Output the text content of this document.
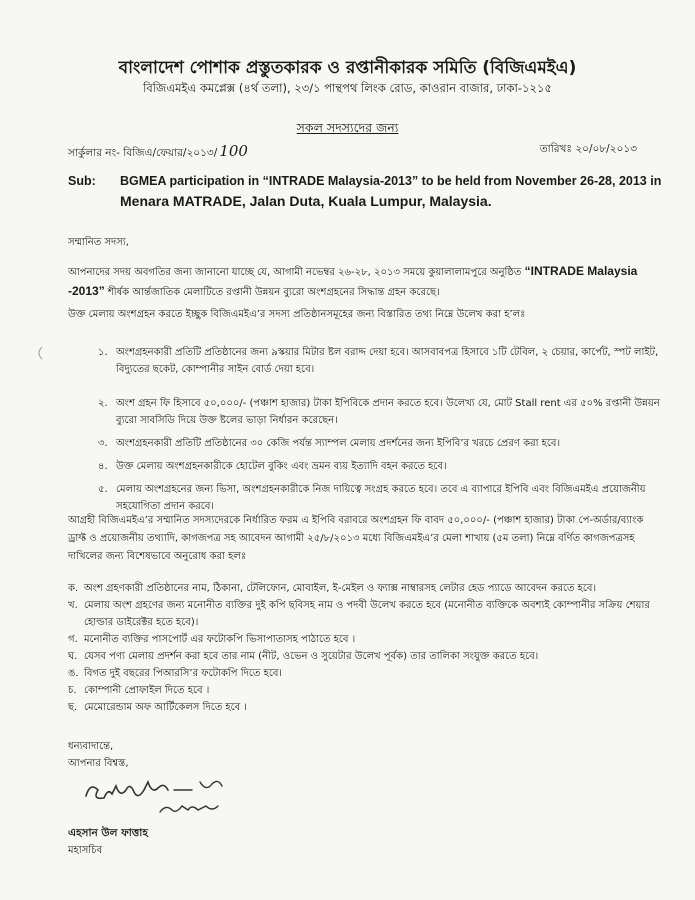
বাংলাদেশ পোশাক প্রস্তুতকারক ও রপ্তানীকারক সমিতি (বিজিএমইএ)
বিজিএমইএ কমপ্লেক্স (৪র্থ তলা), ২৩/১ পান্থপথ লিংক রোড, কাওরান বাজার, ঢাকা-১২১৫
সকল সদস্যদের জন্য
সার্কুলার নং- বিজিএ/ফেয়ার/২০১৩/ 100	তারিখঃ ২০/০৮/২০১৩
Sub: BGMEA participation in “INTRADE Malaysia-2013” to be held from November 26-28, 2013 in
Menara MATRADE, Jalan Duta, Kuala Lumpur, Malaysia.
সম্মানিত সদস্য,
আপনাদের সদয় অবগতির জন্য জানানো যাচ্ছে যে, আগামী নভেম্বর ২৬-২৮, ২০১৩ সময়ে কুয়ালালামপুরে অনুষ্ঠিত “INTRADE Malaysia -2013” শীর্ষক আর্ন্তজাতিক মেলাটিতে রপ্তানী উন্নয়ন ব্যুরো অংশগ্রহনের সিদ্ধান্ত গ্রহন করেছে।
উক্ত মেলায় অংশগ্রহন করতে ইচ্ছুক বিজিএমইএ’র সদস্য প্রতিষ্ঠানসমূহের জন্য বিস্তারিত তথ্য নিম্নে উলেখ করা হ’লঃ
১. অংশগ্রহনকারী প্রতিটি প্রতিষ্ঠানের জন্য ৯স্কয়ার মিটার ষ্টল বরাদ্দ দেয়া হবে। আসবাবপত্র হিসাবে ১টি টেবিল, ২ চেয়ার, কার্পেট, স্পট লাইট, বিদ্যুতের ছকেট, কোম্পানীর সাইন বোর্ড দেয়া হবে।
২. অংশ গ্রহন ফি হিসাবে ৫০,০০০/- (পঞ্চাশ হাজার) টাকা ইপিবিকে প্রদান করতে হবে। উলেখ্য যে, মোট Stall rent এর ৫০% রপ্তানী উন্নয়ন ব্যুরো সাবসিডি দিয়ে উক্ত ষ্টলের ভাড়া নির্ধারন করেছেন।
৩. অংশগ্রহনকারী প্রতিটি প্রতিষ্ঠানের ৩০ কেজি পর্যন্ত স্যাম্পল মেলায় প্রদর্শনের জন্য ইপিবি’র খরচে প্রেরণ করা হবে।
৪. উক্ত মেলায় অংশগ্রহনকারীকে হোটেল বুকিং এবং ভ্রমন ব্যয় ইত্যাদি বহন করতে হবে।
৫. মেলায় অংশগ্রহনের জন্য ভিসা, অংশগ্রহনকারীকে নিজ দায়িত্বে সংগ্রহ করতে হবে। তবে এ ব্যাপারে ইপিবি এবং বিজিএমইএ প্রয়োজনীয় সহযোগিতা প্রদান করবে।
আগ্রহী বিজিএমইএ’র সম্মানিত সদস্যদেরকে নির্ধারিত ফরম এ ইপিবি বরাবরে অংশগ্রহন ফি বাবদ ৫০,০০০/- (পঞ্চাশ হাজার) টাকা পে-অর্ডার/ব্যাংক ড্রাফ্ট ও প্রয়োজনীয় তথ্যাদি, কাগজপত্র সহ আবেদন আগামী ২৫/৮/২০১৩ মধ্যে বিজিএমইএ’র মেলা শাখায় (৫ম তলা) নিম্নে বর্ণিত কাগজপত্রসহ দাখিলের জন্য বিশেষভাবে অনুরোধ করা হলঃ
ক. অংশ গ্রহণকারী প্রতিষ্ঠানের নাম, ঠিকানা, টেলিফোন, মোবাইল, ই-মেইল ও ফ্যাক্স নাম্বারসহ লেটার হেড প্যাডে আবেদন করতে হবে।
খ. মেলায় অংশ গ্রহণের জন্য মনোনীত ব্যক্তির দুই কপি ছবিসহ নাম ও পদবী উলেখ করতে হবে (মনোনীত ব্যক্তিকে অবশ্যই কোম্পানীর সক্রিয় শেয়ার হোল্ডার ডাইরেক্টর হতে হবে)।
গ. মনোনীত ব্যক্তির পাসপোর্ট এর ফটোকপি ভিসাপাতাসহ পাঠাতে হবে ।
ঘ. যেসব পণ্য মেলায় প্রদর্শন করা হবে তার নাম (নীট, ওভেন ও সুয়েটার উলেখ পূর্বক) তার তালিকা সংযুক্ত করতে হবে।
ঙ. বিগত দুই বছরের পিআরসি’র ফটোকপি দিতে হবে।
চ. কোম্পানী প্রোফাইল দিতে হবে ।
ছ. মেমোরেন্ডাম অফ আর্টিকেলস দিতে হবে ।
ধন্যবাদান্তে,
আপনার বিশ্বস্ত,
এহসান উল ফাত্তাহ
মহাসচিব
